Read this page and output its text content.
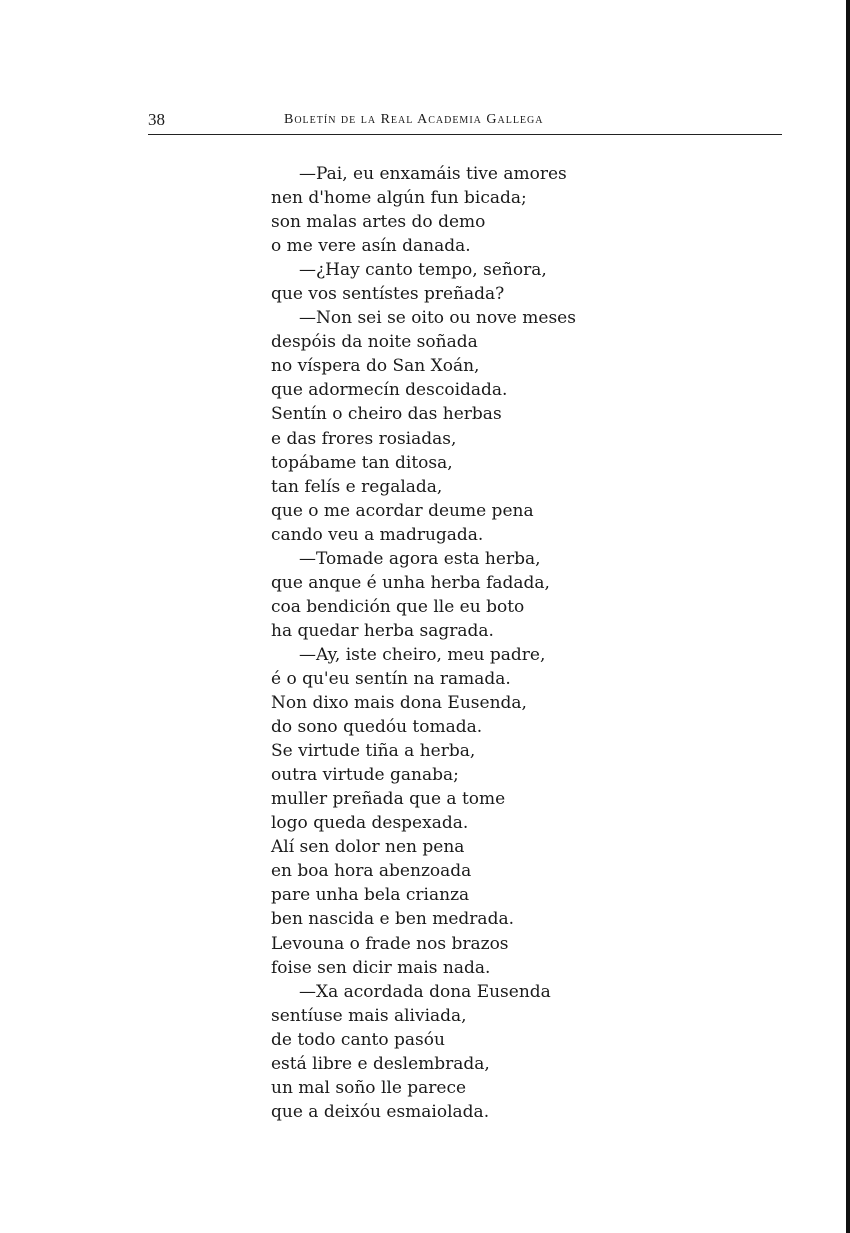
38	Boletín de la Real Academia Gallega
—Pai, eu enxamáis tive amores
nen d'home algún fun bicada;
son malas artes do demo
o me vere asín danada.
—¿Hay canto tempo, señora,
que vos sentístes preñada?
—Non sei se oito ou nove meses
despóis da noite soñada
no víspera do San Xoán,
que adormecín descoidada.
Sentín o cheiro das herbas
e das frores rosiadas,
topábame tan ditosa,
tan felís e regalada,
que o me acordar deume pena
cando veu a madrugada.
—Tomade agora esta herba,
que anque é unha herba fadada,
coa bendición que lle eu boto
ha quedar herba sagrada.
—Ay, iste cheiro, meu padre,
é o qu'eu sentín na ramada.
Non dixo mais dona Eusenda,
do sono quedóu tomada.
Se virtude tiña a herba,
outra virtude ganaba;
muller preñada que a tome
logo queda despexada.
Alí sen dolor nen pena
en boa hora abenzoada
pare unha bela crianza
ben nascida e ben medrada.
Levouna o frade nos brazos
foise sen dicir mais nada.
—Xa acordada dona Eusenda
sentíuse mais aliviada,
de todo canto pasóu
está libre e deslembrada,
un mal soño lle parece
que a deixóu esmaiolada.
